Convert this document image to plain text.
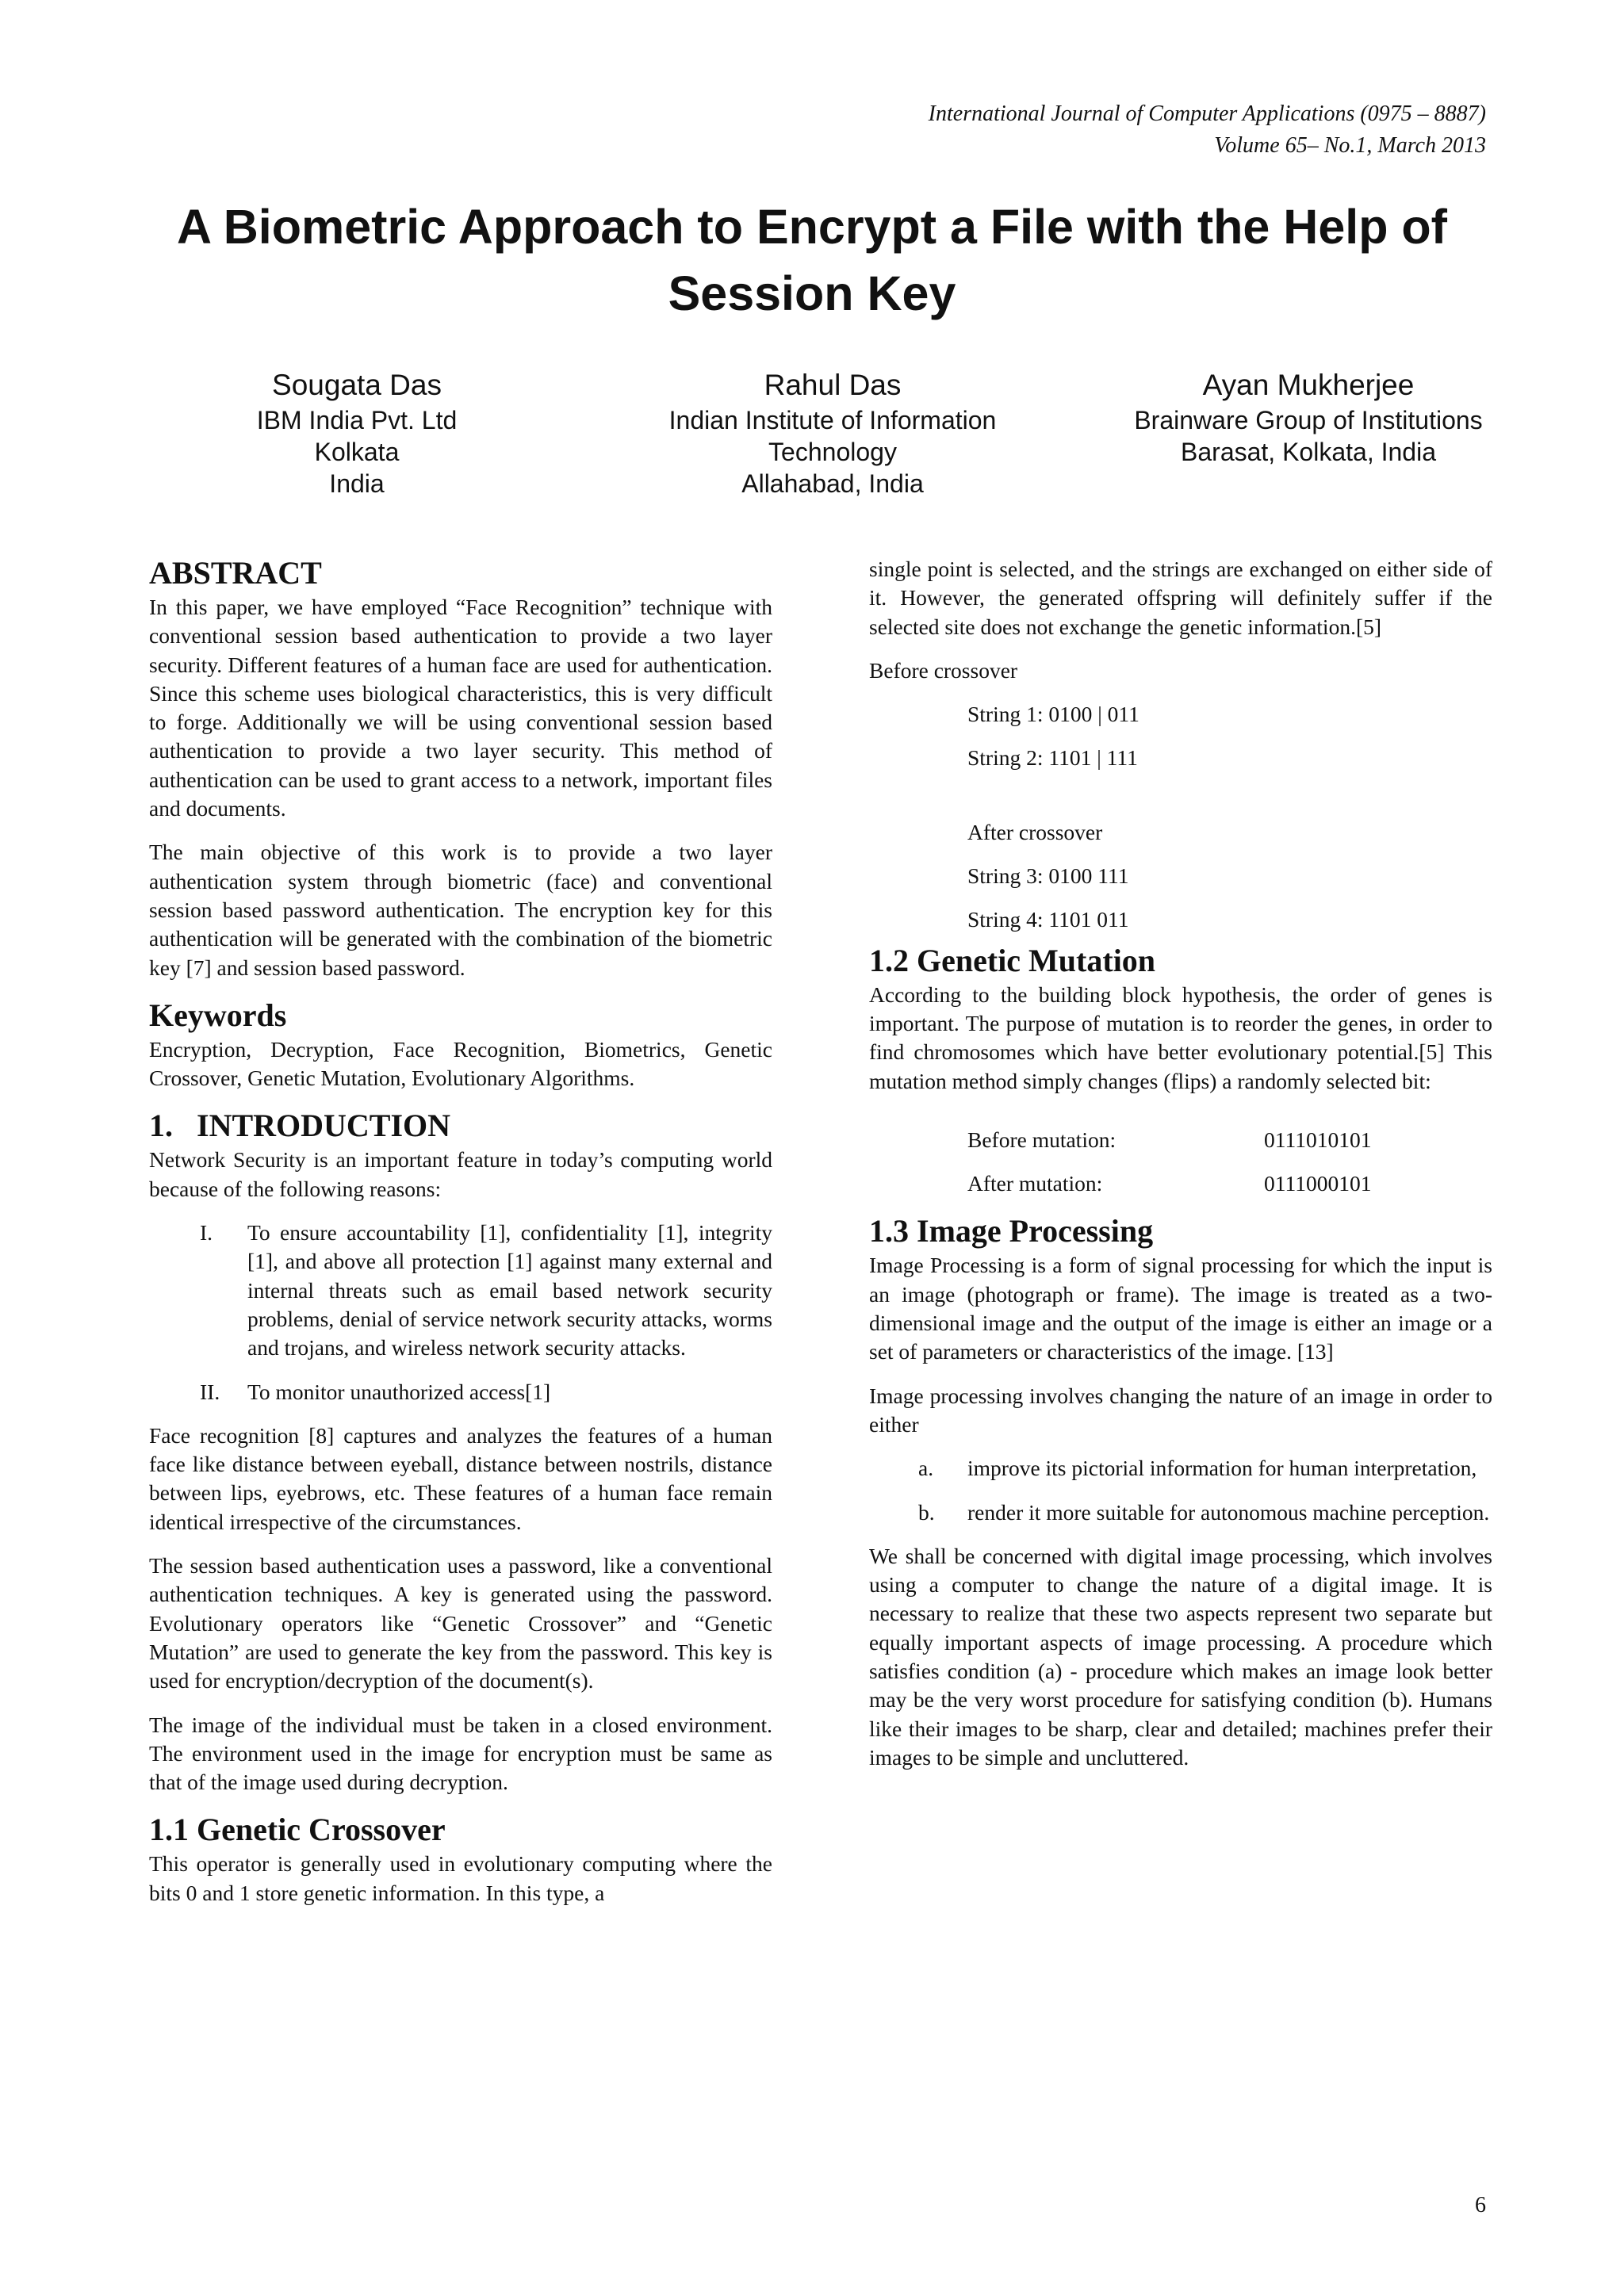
International Journal of Computer Applications (0975 – 8887)
Volume 65– No.1, March 2013
A Biometric Approach to Encrypt a File with the Help of Session Key
Sougata Das
IBM India Pvt. Ltd
Kolkata
India
Rahul Das
Indian Institute of Information
Technology
Allahabad, India
Ayan Mukherjee
Brainware Group of Institutions
Barasat, Kolkata, India
ABSTRACT

In this paper, we have employed “Face Recognition” technique with conventional session based authentication to provide a two layer security. Different features of a human face are used for authentication. Since this scheme uses biological characteristics, this is very difficult to forge. Additionally we will be using conventional session based authentication to provide a two layer security. This method of authentication can be used to grant access to a network, important files and documents.

The main objective of this work is to provide a two layer authentication system through biometric (face) and conventional session based password authentication. The encryption key for this authentication will be generated with the combination of the biometric key [7] and session based password.

Keywords

Encryption, Decryption, Face Recognition, Biometrics, Genetic Crossover, Genetic Mutation, Evolutionary Algorithms.

1.   INTRODUCTION

Network Security is an important feature in today’s computing world because of the following reasons:

I.	To ensure accountability [1], confidentiality [1], integrity [1], and above all protection [1] against many external and internal threats such as email based network security problems, denial of service network security attacks, worms and trojans, and wireless network security attacks.
II.	To monitor unauthorized access[1]

Face recognition [8] captures and analyzes the features of a human face like distance between eyeball, distance between nostrils, distance between lips, eyebrows, etc. These features of a human face remain identical irrespective of the circumstances.

The session based authentication uses a password, like a conventional authentication techniques. A key is generated using the password. Evolutionary operators like “Genetic Crossover” and “Genetic Mutation” are used to generate the key from the password. This key is used for encryption/decryption of the document(s).

The image of the individual must be taken in a closed environment. The environment used in the image for encryption must be same as that of the image used during decryption.

1.1 Genetic Crossover

This operator is generally used in evolutionary computing where the bits 0 and 1 store genetic information. In this type, a

single point is selected, and the strings are exchanged on either side of it. However, the generated offspring will definitely suffer if the selected site does not exchange the genetic information.[5]

Before crossover

String 1: 0100 | 011

String 2: 1101 | 111

After crossover

String 3: 0100 111

String 4: 1101 011

1.2 Genetic Mutation

According to the building block hypothesis, the order of genes is important. The purpose of mutation is to reorder the genes, in order to find chromosomes which have better evolutionary potential.[5] This mutation method simply changes (flips) a randomly selected bit:

Before mutation:	0111010101
After mutation:	0111000101
1.3 Image Processing

Image Processing is a form of signal processing for which the input is an image (photograph or frame). The image is treated as a two-dimensional image and the output of the image is either an image or a set of parameters or characteristics of the image. [13]

Image processing involves changing the nature of an image in order to either

a.	improve its pictorial information for human interpretation,
b.	render it more suitable for autonomous machine perception.

We shall be concerned with digital image processing, which involves using a computer to change the nature of a digital image. It is necessary to realize that these two aspects represent two separate but equally important aspects of image processing. A procedure which satisfies condition (a) - procedure which makes an image look better may be the very worst procedure for satisfying condition (b). Humans like their images to be sharp, clear and detailed; machines prefer their images to be simple and uncluttered.

6
